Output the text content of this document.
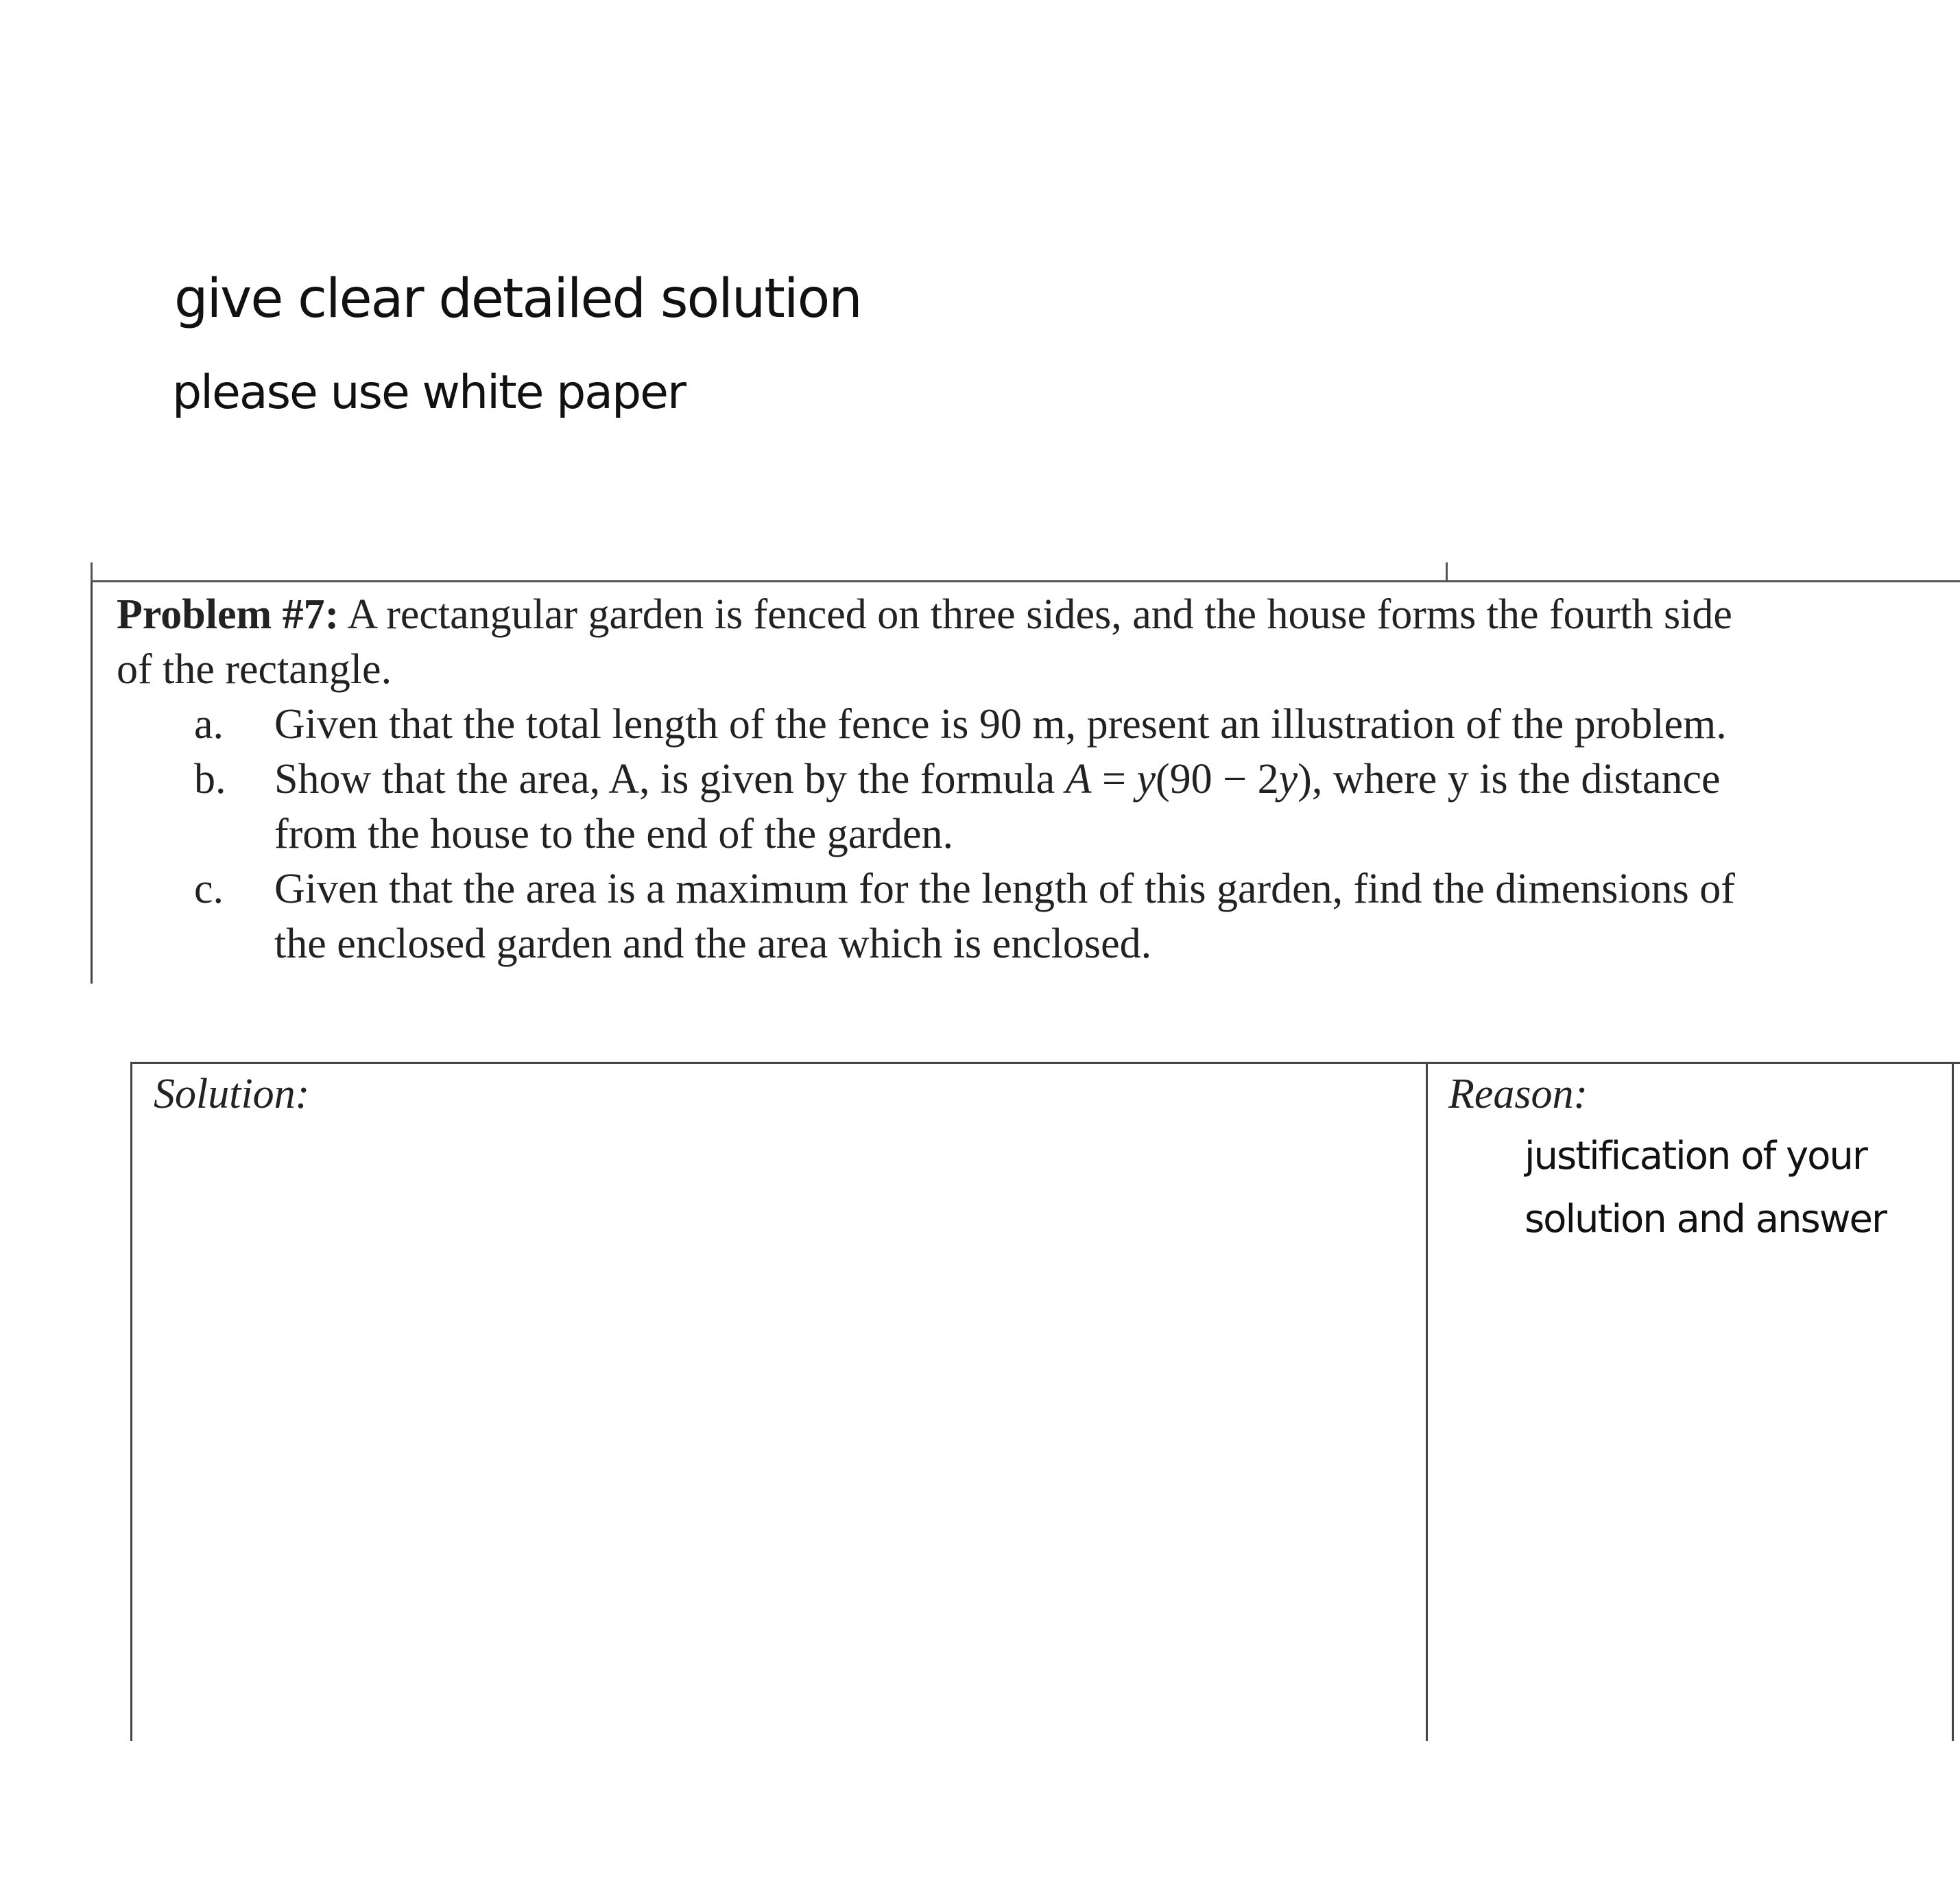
give clear detailed solution

please use white paper

Problem #7: A rectangular garden is fenced on three sides, and the house forms the fourth side
of the rectangle.
a. Given that the total length of the fence is 90 m, present an illustration of the problem.
b. Show that the area, A, is given by the formula A = y(90 − 2y), where y is the distance
from the house to the end of the garden.
c. Given that the area is a maximum for the length of this garden, find the dimensions of
the enclosed garden and the area which is enclosed.

Solution:	Reason:

justification of your

solution and answer
